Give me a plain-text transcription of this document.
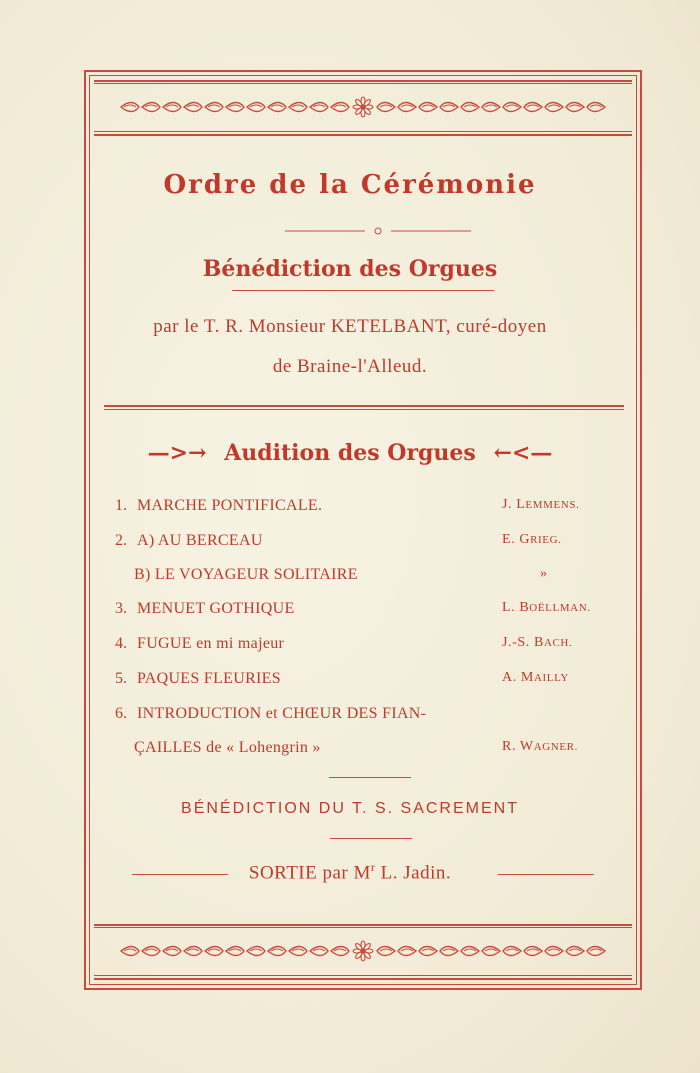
Ordre de la Cérémonie
Bénédiction des Orgues
par le T. R. Monsieur KETELBANT, curé-doyen
de Braine-l'Alleud.
—>→ Audition des Orgues ←<—
1. MARCHE PONTIFICALE.	J. LEMMENS.
2. A) AU BERCEAU	E. GRIEG.
B) LE VOYAGEUR SOLITAIRE	»
3. MENUET GOTHIQUE	L. BOËLLMAN.
4. FUGUE en mi majeur	J.-S. BACH.
5. PAQUES FLEURIES	A. MAILLY
6. INTRODUCTION et CHŒUR DES FIAN-
ÇAILLES de « Lohengrin »	R. WAGNER.
BÉNÉDICTION DU T. S. SACREMENT
SORTIE par $M^r$ L. Jadin.
